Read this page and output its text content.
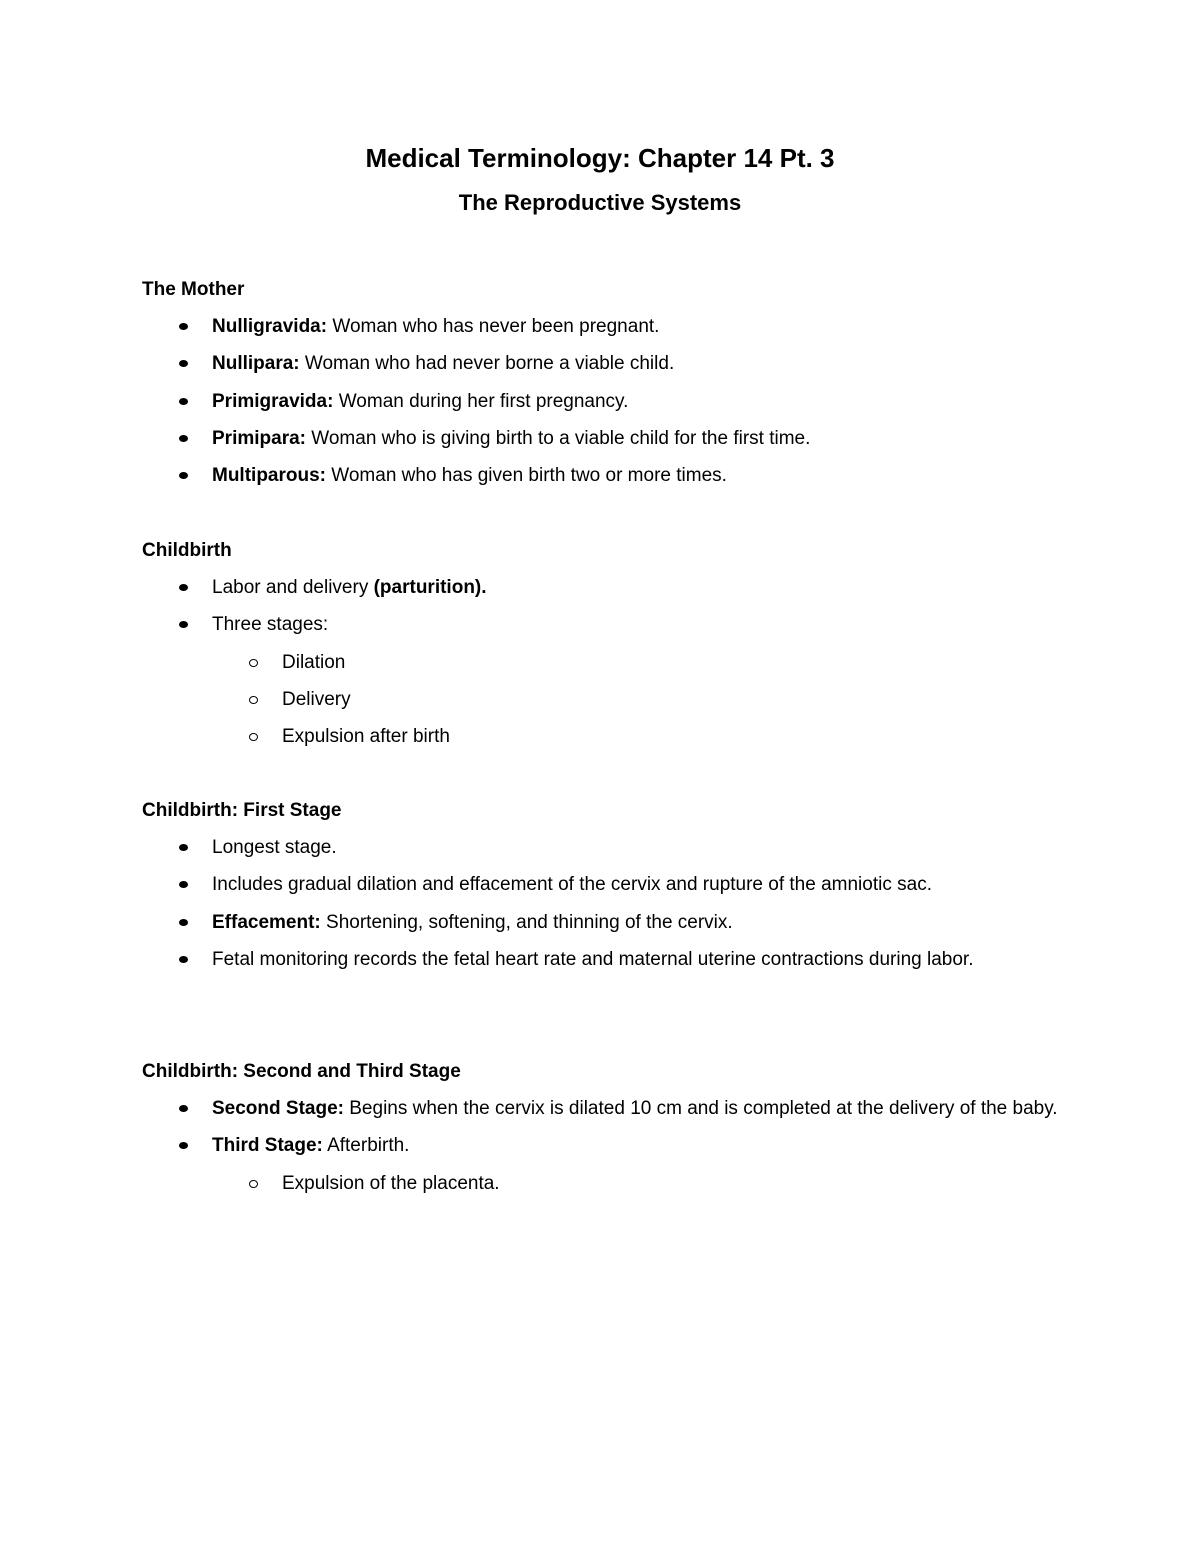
Medical Terminology: Chapter 14 Pt. 3
The Reproductive Systems
The Mother
Nulligravida: Woman who has never been pregnant.
Nullipara: Woman who had never borne a viable child.
Primigravida: Woman during her first pregnancy.
Primipara: Woman who is giving birth to a viable child for the first time.
Multiparous: Woman who has given birth two or more times.
Childbirth
Labor and delivery (parturition).
Three stages:
Dilation
Delivery
Expulsion after birth
Childbirth: First Stage
Longest stage.
Includes gradual dilation and effacement of the cervix and rupture of the amniotic sac.
Effacement: Shortening, softening, and thinning of the cervix.
Fetal monitoring records the fetal heart rate and maternal uterine contractions during labor.
Childbirth: Second and Third Stage
Second Stage: Begins when the cervix is dilated 10 cm and is completed at the delivery of the baby.
Third Stage: Afterbirth.
Expulsion of the placenta.
